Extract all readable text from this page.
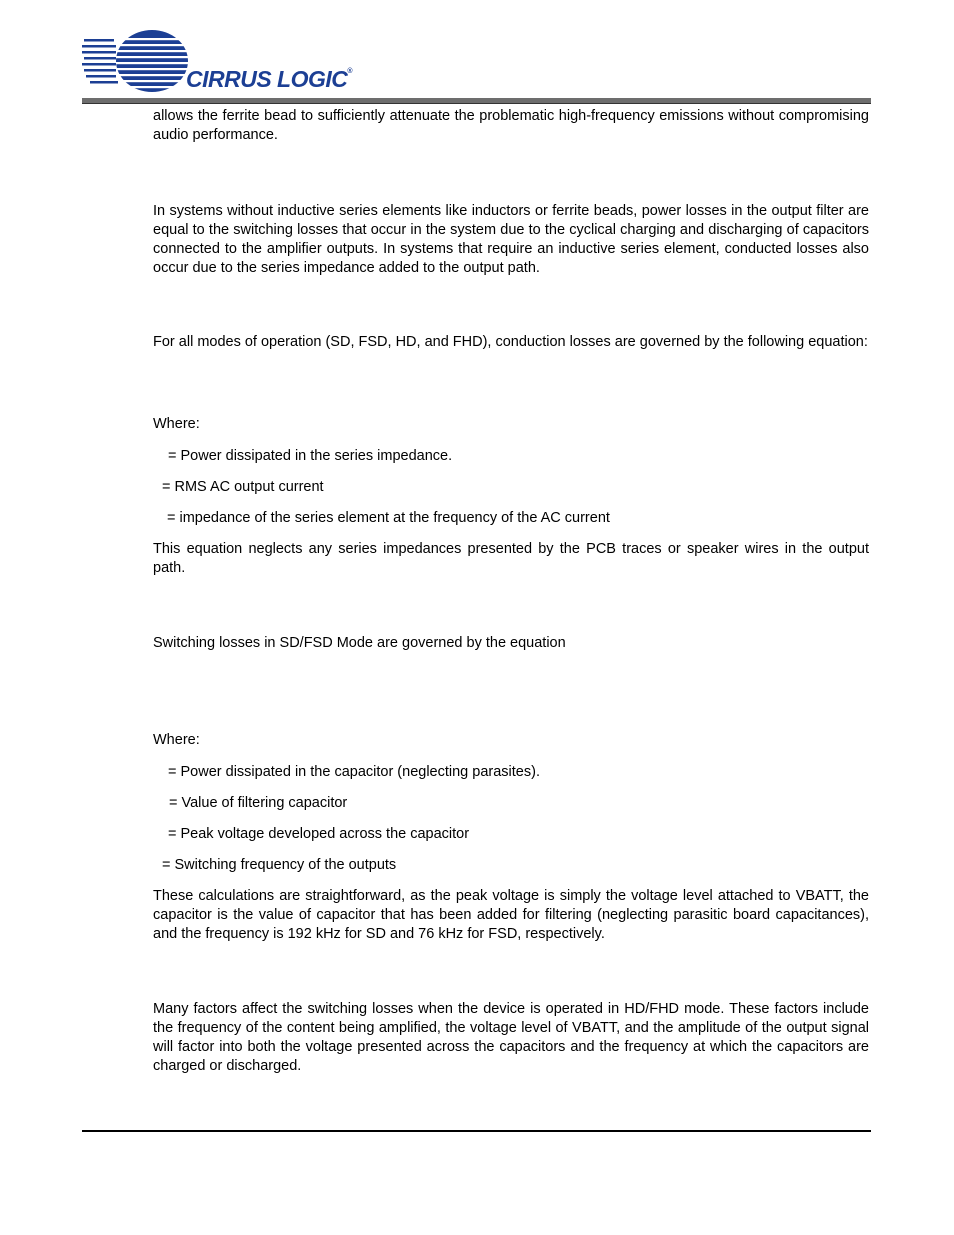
CIRRUS LOGIC®

allows the ferrite bead to sufficiently attenuate the problematic high-frequency emissions without compromising audio performance.

In systems without inductive series elements like inductors or ferrite beads, power losses in the output filter are equal to the switching losses that occur in the system due to the cyclical charging and discharging of capacitors connected to the amplifier outputs. In systems that require an inductive series element, conducted losses also occur due to the series impedance added to the output path.

For all modes of operation (SD, FSD, HD, and FHD), conduction losses are governed by the following equation:

Where:

= Power dissipated in the series impedance.

= RMS AC output current

= impedance of the series element at the frequency of the AC current

This equation neglects any series impedances presented by the PCB traces or speaker wires in the output path.

Switching losses in SD/FSD Mode are governed by the equation

Where:

= Power dissipated in the capacitor (neglecting parasites).

= Value of filtering capacitor

= Peak voltage developed across the capacitor

= Switching frequency of the outputs

These calculations are straightforward, as the peak voltage is simply the voltage level attached to VBATT, the capacitor is the value of capacitor that has been added for filtering (neglecting parasitic board capacitances), and the frequency is 192 kHz for SD and 76 kHz for FSD, respectively.

Many factors affect the switching losses when the device is operated in HD/FHD mode. These factors include the frequency of the content being amplified, the voltage level of VBATT, and the amplitude of the output signal will factor into both the voltage presented across the capacitors and the frequency at which the capacitors are charged or discharged.
